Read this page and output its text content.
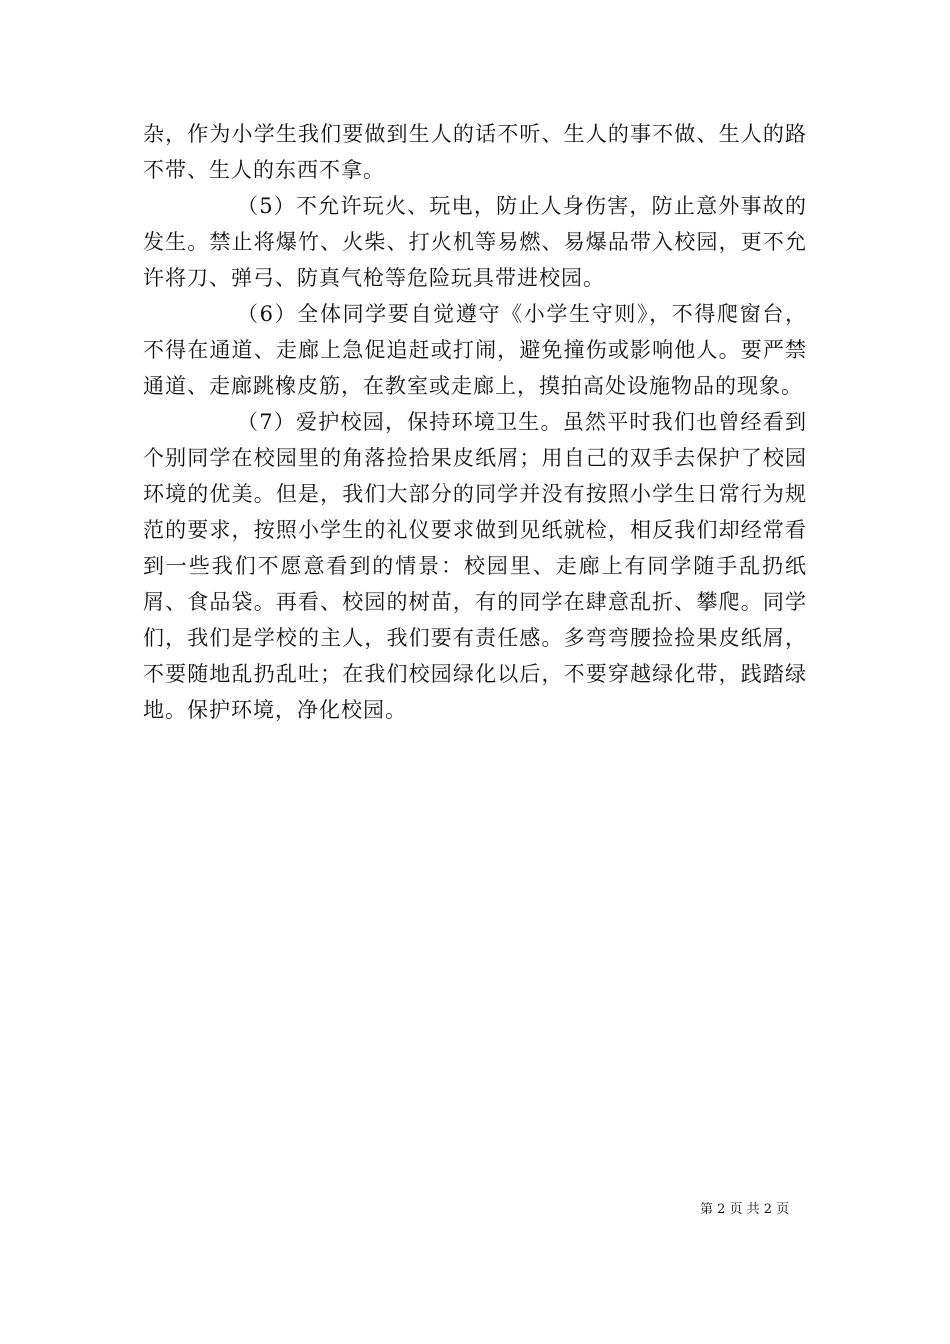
杂，作为小学生我们要做到生人的话不听、生人的事不做、生人的路不带、生人的东西不拿。

（5）不允许玩火、玩电，防止人身伤害，防止意外事故的发生。禁止将爆竹、火柴、打火机等易燃、易爆品带入校园，更不允许将刀、弹弓、防真气枪等危险玩具带进校园。

（6）全体同学要自觉遵守《小学生守则》，不得爬窗台，不得在通道、走廊上急促追赶或打闹，避免撞伤或影响他人。要严禁通道、走廊跳橡皮筋，在教室或走廊上，摸拍高处设施物品的现象。

（7）爱护校园，保持环境卫生。虽然平时我们也曾经看到个别同学在校园里的角落捡拾果皮纸屑；用自己的双手去保护了校园环境的优美。但是，我们大部分的同学并没有按照小学生日常行为规范的要求，按照小学生的礼仪要求做到见纸就检，相反我们却经常看到一些我们不愿意看到的情景：校园里、走廊上有同学随手乱扔纸屑、食品袋。再看、校园的树苗，有的同学在肆意乱折、攀爬。同学们，我们是学校的主人，我们要有责任感。多弯弯腰捡捡果皮纸屑，不要随地乱扔乱吐；在我们校园绿化以后，不要穿越绿化带，践踏绿地。保护环境，净化校园。

第 2 页 共 2 页
